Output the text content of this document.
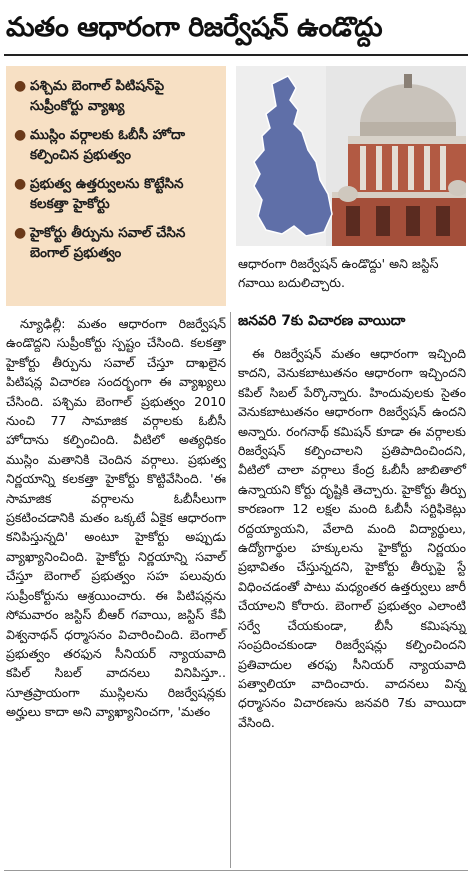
మతం ఆధారంగా రిజర్వేషన్ ఉండొద్దు
● పశ్చిమ బెంగాల్ పిటిషన్‌పై సుప్రీంకోర్టు వ్యాఖ్య
● ముస్లిం వర్గాలకు ఓబీసీ హోదా కల్పించిన ప్రభుత్వం
● ప్రభుత్వ ఉత్తర్వులను కొట్టేసిన కలకత్తా హైకోర్టు
● హైకోర్టు తీర్పును సవాల్ చేసిన బెంగాల్ ప్రభుత్వం
ఆధారంగా రిజర్వేషన్ ఉండొద్దు' అని జస్టిస్ గవాయి బదులిచ్చారు.

న్యూఢిల్లీ: మతం ఆధారంగా రిజర్వేషన్ ఉండొద్దని సుప్రీంకోర్టు స్పష్టం చేసింది. కలకత్తా హైకోర్టు తీర్పును సవాల్ చేస్తూ దాఖలైన పిటిషన్ల విచారణ సందర్భంగా ఈ వ్యాఖ్యలు చేసింది. పశ్చిమ బెంగాల్ ప్రభుత్వం 2010 నుంచి 77 సామాజిక వర్గాలకు ఓబీసీ హోదాను కల్పించింది. వీటిలో అత్యధికం ముస్లిం మతానికి చెందిన వర్గాలు. ప్రభుత్వ నిర్ణయాన్ని కలకత్తా హైకోర్టు కొట్టివేసింది. 'ఈ సామాజిక వర్గాలను ఓబీసీలుగా ప్రకటించడానికి మతం ఒక్కటే ఏకైక ఆధారంగా కనిపిస్తున్నది' అంటూ హైకోర్టు అప్పుడు వ్యాఖ్యానించింది. హైకోర్టు నిర్ణయాన్ని సవాల్ చేస్తూ బెంగాల్ ప్రభుత్వం సహ పలువురు సుప్రీంకోర్టును ఆశ్రయించారు. ఈ పిటిషన్లను సోమవారం జస్టిస్ బీఆర్ గవాయి, జస్టిస్ కేవీ విశ్వనాథన్ ధర్మాసనం విచారించింది. బెంగాల్ ప్రభుత్వం తరఫున సీనియర్ న్యాయవాది కపిల్ సిబల్ వాదనలు వినిపిస్తూ.. సూత్రప్రాయంగా ముస్లిలను రిజర్వేషన్లకు అర్హులు కాదా అని వ్యాఖ్యానించగా, 'మతం

జనవరి 7కు విచారణ వాయిదా

ఈ రిజర్వేషన్ మతం ఆధారంగా ఇచ్చింది కాదని, వెనుకబాటుతనం ఆధారంగా ఇచ్చిందని కపిల్ సిబల్ పేర్కొన్నారు. హిందువులకు సైతం వెనుకబాటుతనం ఆధారంగా రిజర్వేషన్ ఉందని అన్నారు. రంగనాథ్ కమిషన్ కూడా ఈ వర్గాలకు రిజర్వేషన్ కల్పించాలని ప్రతిపాదించిందని, వీటిలో చాలా వర్గాలు కేంద్ర ఓబీసీ జాబితాలో ఉన్నాయని కోర్టు దృష్టికి తెచ్చారు. హైకోర్టు తీర్పు కారణంగా 12 లక్షల మంది ఓబీసీ సర్టిఫికెట్లు రద్దయ్యాయని, వేలాది మంది విద్యార్థులు, ఉద్యోగార్థుల హక్కులను హైకోర్టు నిర్ణయం ప్రభావితం చేస్తున్నదని, హైకోర్టు తీర్పుపై స్టే విధించడంతో పాటు మధ్యంతర ఉత్తర్వులు జారీ చేయాలని కోరారు. బెంగాల్ ప్రభుత్వం ఎలాంటి సర్వే చేయకుండా, బీసీ కమిషన్ను సంప్రదించకుండా రిజర్వేషన్లు కల్పించిందని ప్రతివాదుల తరఫు సీనియర్ న్యాయవాది పత్వాలియా వాదించారు. వాదనలు విన్న ధర్మాసనం విచారణను జనవరి 7కు వాయిదా వేసింది.
